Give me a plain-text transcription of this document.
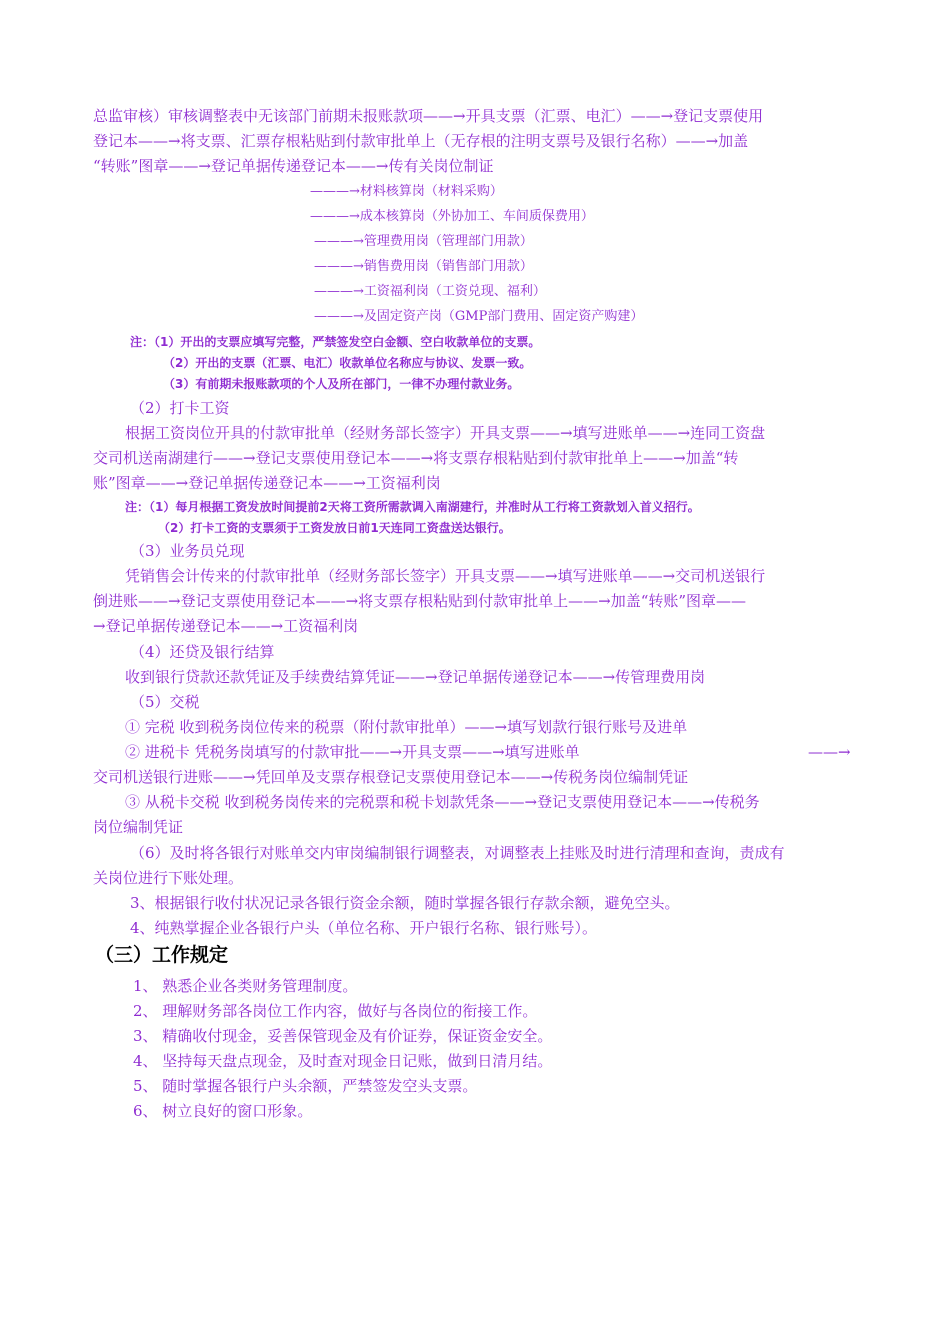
总监审核）审核调整表中无该部门前期未报账款项——→开具支票（汇票、电汇）——→登记支票使用
登记本——→将支票、汇票存根粘贴到付款审批单上（无存根的注明支票号及银行名称）——→加盖
“转账”图章——→登记单据传递登记本——→传有关岗位制证
———→材料核算岗（材料采购）
———→成本核算岗（外协加工、车间质保费用）
———→管理费用岗（管理部门用款）
———→销售费用岗（销售部门用款）
———→工资福利岗（工资兑现、福利）
———→及固定资产岗（GMP部门费用、固定资产购建）
注：（1）开出的支票应填写完整，严禁签发空白金额、空白收款单位的支票。
（2）开出的支票（汇票、电汇）收款单位名称应与协议、发票一致。
（3）有前期未报账款项的个人及所在部门，一律不办理付款业务。
（2）打卡工资
根据工资岗位开具的付款审批单（经财务部长签字）开具支票——→填写进账单——→连同工资盘
交司机送南湖建行——→登记支票使用登记本——→将支票存根粘贴到付款审批单上——→加盖“转
账”图章——→登记单据传递登记本——→工资福利岗
注：（1）每月根据工资发放时间提前2天将工资所需款调入南湖建行，并准时从工行将工资款划入首义招行。
（2）打卡工资的支票须于工资发放日前1天连同工资盘送达银行。
（3）业务员兑现
凭销售会计传来的付款审批单（经财务部长签字）开具支票——→填写进账单——→交司机送银行
倒进账——→登记支票使用登记本——→将支票存根粘贴到付款审批单上——→加盖“转账”图章——
→登记单据传递登记本——→工资福利岗
（4）还贷及银行结算
收到银行贷款还款凭证及手续费结算凭证——→登记单据传递登记本——→传管理费用岗
（5）交税
① 完税 收到税务岗位传来的税票（附付款审批单）——→填写划款行银行账号及进单
② 进税卡 凭税务岗填写的付款审批——→开具支票——→填写进账单	——→
交司机送银行进账——→凭回单及支票存根登记支票使用登记本——→传税务岗位编制凭证
③ 从税卡交税 收到税务岗传来的完税票和税卡划款凭条——→登记支票使用登记本——→传税务
岗位编制凭证
（6）及时将各银行对账单交内审岗编制银行调整表，对调整表上挂账及时进行清理和查询，责成有
关岗位进行下账处理。
3、根据银行收付状况记录各银行资金余额，随时掌握各银行存款余额，避免空头。
4、纯熟掌握企业各银行户头（单位名称、开户银行名称、银行账号）。
（三）工作规定
1、 熟悉企业各类财务管理制度。
2、 理解财务部各岗位工作内容，做好与各岗位的衔接工作。
3、 精确收付现金，妥善保管现金及有价证券，保证资金安全。
4、 坚持每天盘点现金，及时查对现金日记账，做到日清月结。
5、 随时掌握各银行户头余额，严禁签发空头支票。
6、 树立良好的窗口形象。
